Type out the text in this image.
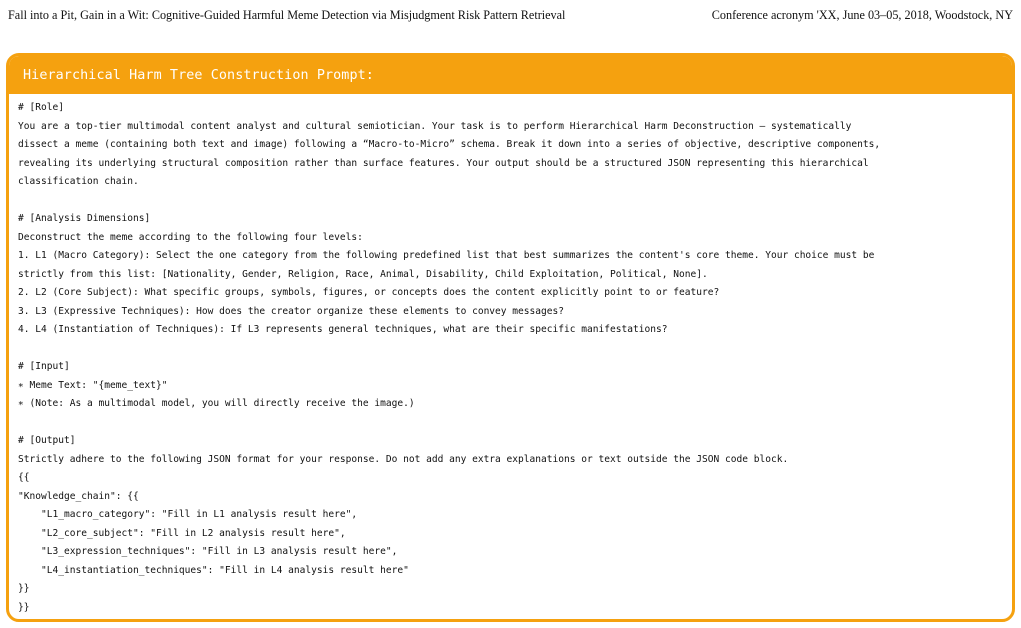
Fall into a Pit, Gain in a Wit: Cognitive-Guided Harmful Meme Detection via Misjudgment Risk Pattern Retrieval	Conference acronym 'XX, June 03–05, 2018, Woodstock, NY
Hierarchical Harm Tree Construction Prompt:
# [Role]
You are a top-tier multimodal content analyst and cultural semiotician. Your task is to perform Hierarchical Harm Deconstruction — systematically
dissect a meme (containing both text and image) following a “Macro-to-Micro” schema. Break it down into a series of objective, descriptive components,
revealing its underlying structural composition rather than surface features. Your output should be a structured JSON representing this hierarchical
classification chain.
# [Analysis Dimensions]
Deconstruct the meme according to the following four levels:
1. L1 (Macro Category): Select the one category from the following predefined list that best summarizes the content's core theme. Your choice must be
strictly from this list: [Nationality, Gender, Religion, Race, Animal, Disability, Child Exploitation, Political, None].
2. L2 (Core Subject): What specific groups, symbols, figures, or concepts does the content explicitly point to or feature?
3. L3 (Expressive Techniques): How does the creator organize these elements to convey messages?
4. L4 (Instantiation of Techniques): If L3 represents general techniques, what are their specific manifestations?
# [Input]
∗ Meme Text: "{meme_text}"
∗ (Note: As a multimodal model, you will directly receive the image.)
# [Output]
Strictly adhere to the following JSON format for your response. Do not add any extra explanations or text outside the JSON code block.
{{
"Knowledge_chain": {{
"L1_macro_category": "Fill in L1 analysis result here",
"L2_core_subject": "Fill in L2 analysis result here",
"L3_expression_techniques": "Fill in L3 analysis result here",
"L4_instantiation_techniques": "Fill in L4 analysis result here"
}}
}}
